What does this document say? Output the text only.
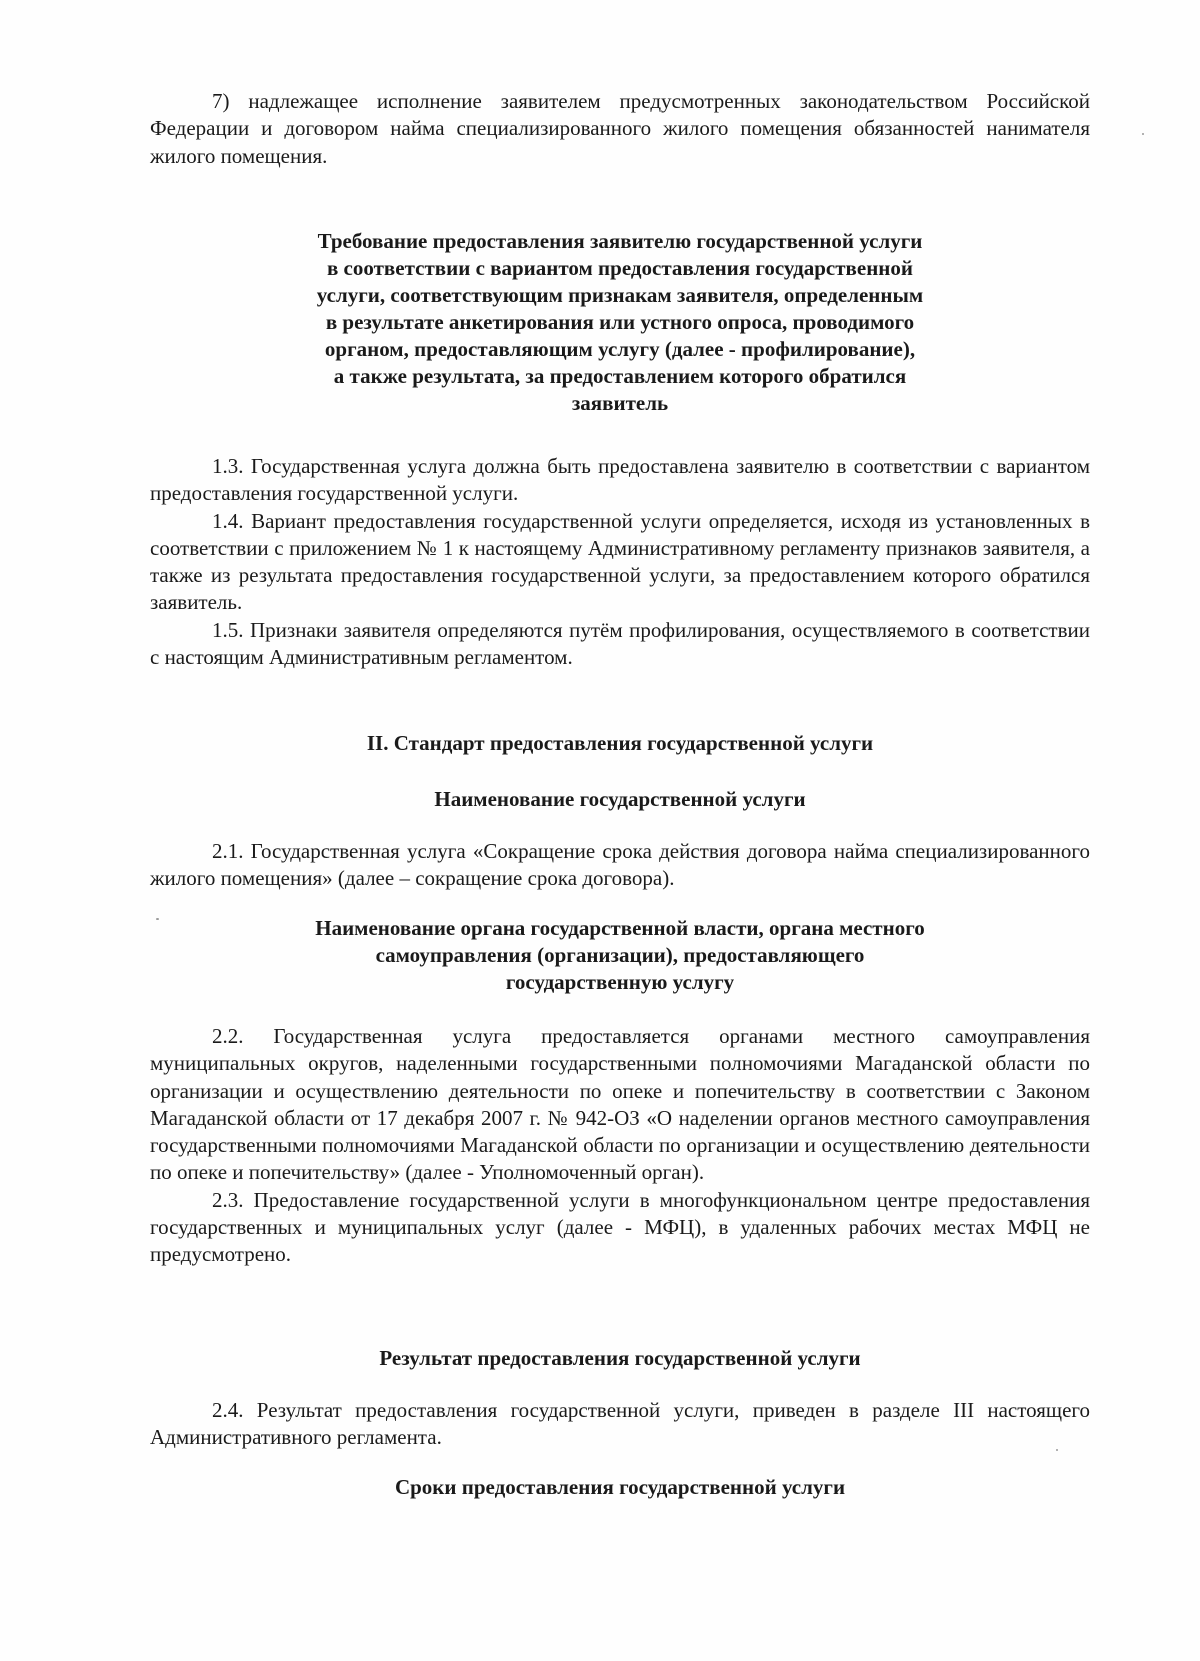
7) надлежащее исполнение заявителем предусмотренных законодательством Российской Федерации и договором найма специализированного жилого помещения обязанностей нанимателя жилого помещения.

Требование предоставления заявителю государственной услуги
в соответствии с вариантом предоставления государственной
услуги, соответствующим признакам заявителя, определенным
в результате анкетирования или устного опроса, проводимого
органом, предоставляющим услугу (далее - профилирование),
а также результата, за предоставлением которого обратился
заявитель

1.3. Государственная услуга должна быть предоставлена заявителю в соответствии с вариантом предоставления государственной услуги.

1.4. Вариант предоставления государственной услуги определяется, исходя из установленных в соответствии с приложением № 1 к настоящему Административному регламенту признаков заявителя, а также из результата предоставления государственной услуги, за предоставлением которого обратился заявитель.

1.5. Признаки заявителя определяются путём профилирования, осуществляемого в соответствии с настоящим Административным регламентом.

II. Стандарт предоставления государственной услуги
Наименование государственной услуги

2.1. Государственная услуга «Сокращение срока действия договора найма специализированного жилого помещения» (далее – сокращение срока договора).

Наименование органа государственной власти, органа местного
самоуправления (организации), предоставляющего
государственную услугу

2.2. Государственная услуга предоставляется органами местного самоуправления муниципальных округов, наделенными государственными полномочиями Магаданской области по организации и осуществлению деятельности по опеке и попечительству в соответствии с Законом Магаданской области от 17 декабря 2007 г. № 942-ОЗ «О наделении органов местного самоуправления государственными полномочиями Магаданской области по организации и осуществлению деятельности по опеке и попечительству» (далее - Уполномоченный орган).

2.3. Предоставление государственной услуги в многофункциональном центре предоставления государственных и муниципальных услуг (далее - МФЦ), в удаленных рабочих местах МФЦ не предусмотрено.

Результат предоставления государственной услуги

2.4. Результат предоставления государственной услуги, приведен в разделе III настоящего Административного регламента.

Сроки предоставления государственной услуги
